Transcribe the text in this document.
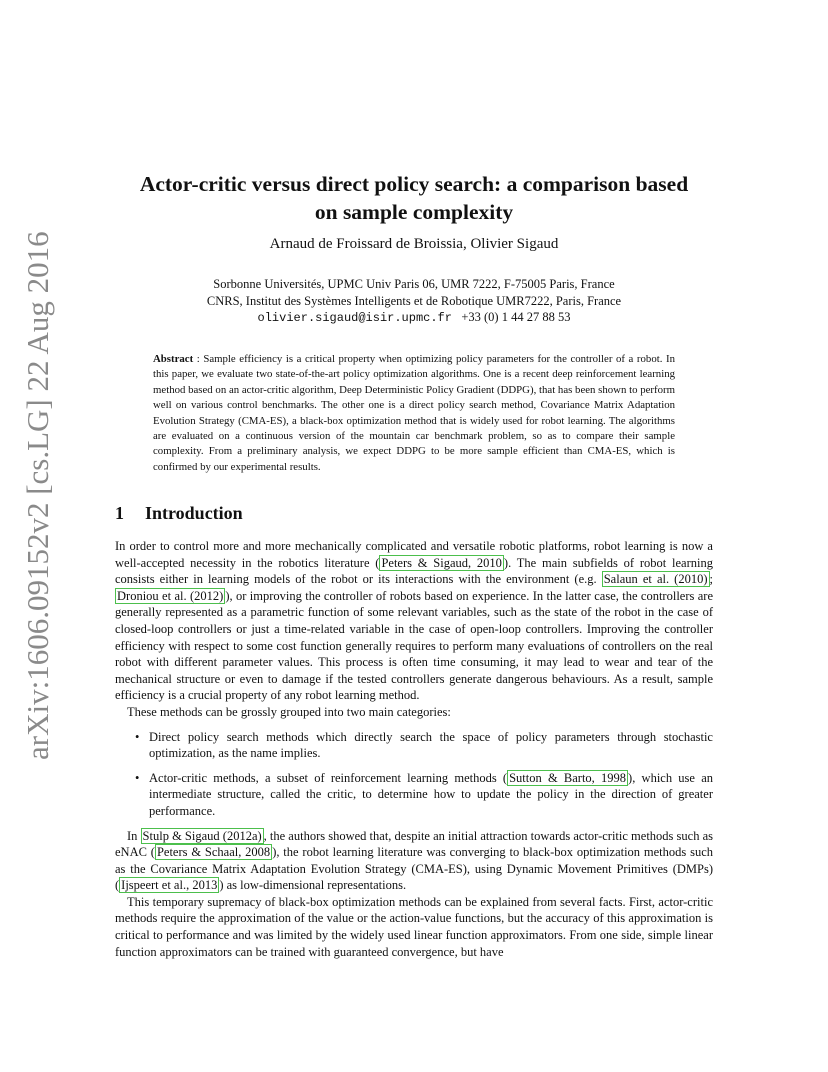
arXiv:1606.09152v2 [cs.LG] 22 Aug 2016
Actor-critic versus direct policy search: a comparison based
on sample complexity
Arnaud de Froissard de Broissia, Olivier Sigaud
Sorbonne Universités, UPMC Univ Paris 06, UMR 7222, F-75005 Paris, France
CNRS, Institut des Systèmes Intelligents et de Robotique UMR7222, Paris, France
olivier.sigaud@isir.upmc.fr +33 (0) 1 44 27 88 53
Abstract : Sample efficiency is a critical property when optimizing policy parameters for the controller of a robot. In this paper, we evaluate two state-of-the-art policy optimization algorithms. One is a recent deep reinforcement learning method based on an actor-critic algorithm, Deep Deterministic Policy Gradient (DDPG), that has been shown to perform well on various control benchmarks. The other one is a direct policy search method, Covariance Matrix Adaptation Evolution Strategy (CMA-ES), a black-box optimization method that is widely used for robot learning. The algorithms are evaluated on a continuous version of the mountain car benchmark problem, so as to compare their sample complexity. From a preliminary analysis, we expect DDPG to be more sample efficient than CMA-ES, which is confirmed by our experimental results.
1 Introduction

In order to control more and more mechanically complicated and versatile robotic platforms, robot learning is now a well-accepted necessity in the robotics literature ( Peters & Sigaud, 2010 ). The main subfields of robot learning consists either in learning models of the robot or its interactions with the environment (e.g. Salaun et al. (2010) ; Droniou et al. (2012) ), or improving the controller of robots based on experience. In the latter case, the controllers are generally represented as a parametric function of some relevant variables, such as the state of the robot in the case of closed-loop controllers or just a time-related variable in the case of open-loop controllers. Improving the controller efficiency with respect to some cost function generally requires to perform many evaluations of controllers on the real robot with different parameter values. This process is often time consuming, it may lead to wear and tear of the mechanical structure or even to damage if the tested controllers generate dangerous behaviours. As a result, sample efficiency is a crucial property of any robot learning method.

These methods can be grossly grouped into two main categories:

• Direct policy search methods which directly search the space of policy parameters through stochastic optimization, as the name implies.
• Actor-critic methods, a subset of reinforcement learning methods ( Sutton & Barto, 1998 ), which use an intermediate structure, called the critic, to determine how to update the policy in the direction of greater performance.

In Stulp & Sigaud (2012a) , the authors showed that, despite an initial attraction towards actor-critic methods such as eNAC ( Peters & Schaal, 2008 ), the robot learning literature was converging to black-box optimization methods such as the Covariance Matrix Adaptation Evolution Strategy (CMA-ES), using Dynamic Movement Primitives (DMPs) ( Ijspeert et al., 2013 ) as low-dimensional representations.

This temporary supremacy of black-box optimization methods can be explained from several facts. First, actor-critic methods require the approximation of the value or the action-value functions, but the accuracy of this approximation is critical to performance and was limited by the widely used linear function approximators. From one side, simple linear function approximators can be trained with guaranteed convergence, but have
